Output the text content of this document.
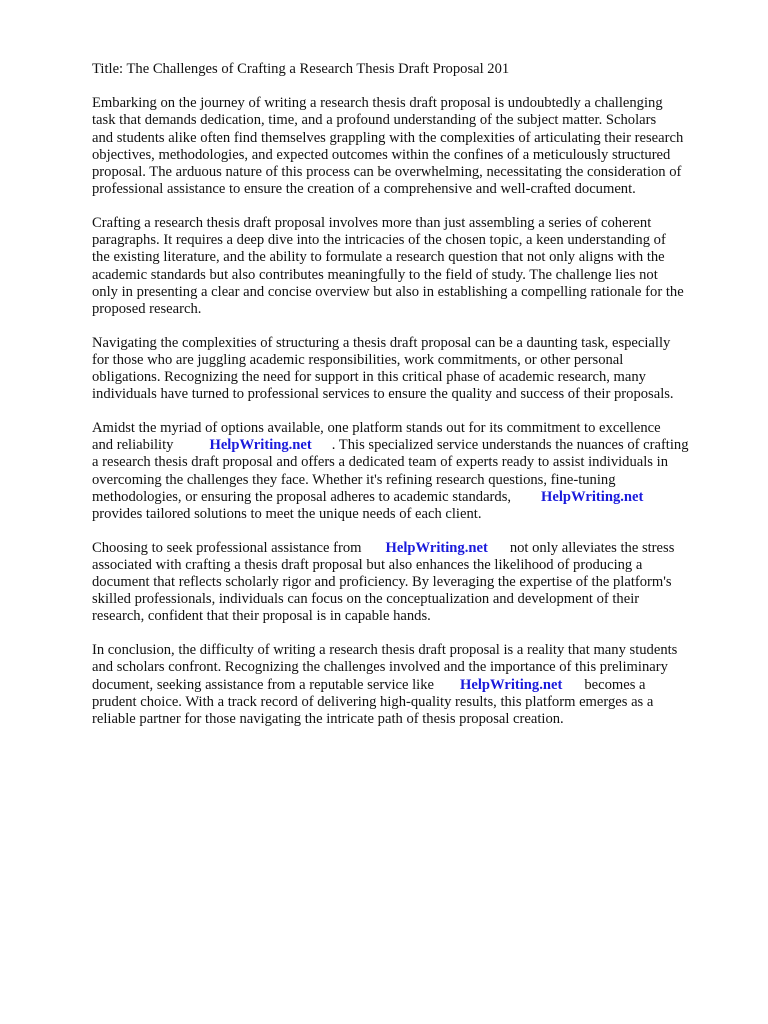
Title: The Challenges of Crafting a Research Thesis Draft Proposal 201

Embarking on the journey of writing a research thesis draft proposal is undoubtedly a challenging
task that demands dedication, time, and a profound understanding of the subject matter. Scholars
and students alike often find themselves grappling with the complexities of articulating their research
objectives, methodologies, and expected outcomes within the confines of a meticulously structured
proposal. The arduous nature of this process can be overwhelming, necessitating the consideration of
professional assistance to ensure the creation of a comprehensive and well-crafted document.

Crafting a research thesis draft proposal involves more than just assembling a series of coherent
paragraphs. It requires a deep dive into the intricacies of the chosen topic, a keen understanding of
the existing literature, and the ability to formulate a research question that not only aligns with the
academic standards but also contributes meaningfully to the field of study. The challenge lies not
only in presenting a clear and concise overview but also in establishing a compelling rationale for the
proposed research.

Navigating the complexities of structuring a thesis draft proposal can be a daunting task, especially
for those who are juggling academic responsibilities, work commitments, or other personal
obligations. Recognizing the need for support in this critical phase of academic research, many
individuals have turned to professional services to ensure the quality and success of their proposals.

Amidst the myriad of options available, one platform stands out for its commitment to excellence
and reliability HelpWriting.net . This specialized service understands the nuances of crafting
a research thesis draft proposal and offers a dedicated team of experts ready to assist individuals in
overcoming the challenges they face. Whether it's refining research questions, fine-tuning
methodologies, or ensuring the proposal adheres to academic standards, HelpWriting.net
provides tailored solutions to meet the unique needs of each client.

Choosing to seek professional assistance from HelpWriting.net not only alleviates the stress
associated with crafting a thesis draft proposal but also enhances the likelihood of producing a
document that reflects scholarly rigor and proficiency. By leveraging the expertise of the platform's
skilled professionals, individuals can focus on the conceptualization and development of their
research, confident that their proposal is in capable hands.

In conclusion, the difficulty of writing a research thesis draft proposal is a reality that many students
and scholars confront. Recognizing the challenges involved and the importance of this preliminary
document, seeking assistance from a reputable service like HelpWriting.net becomes a
prudent choice. With a track record of delivering high-quality results, this platform emerges as a
reliable partner for those navigating the intricate path of thesis proposal creation.
